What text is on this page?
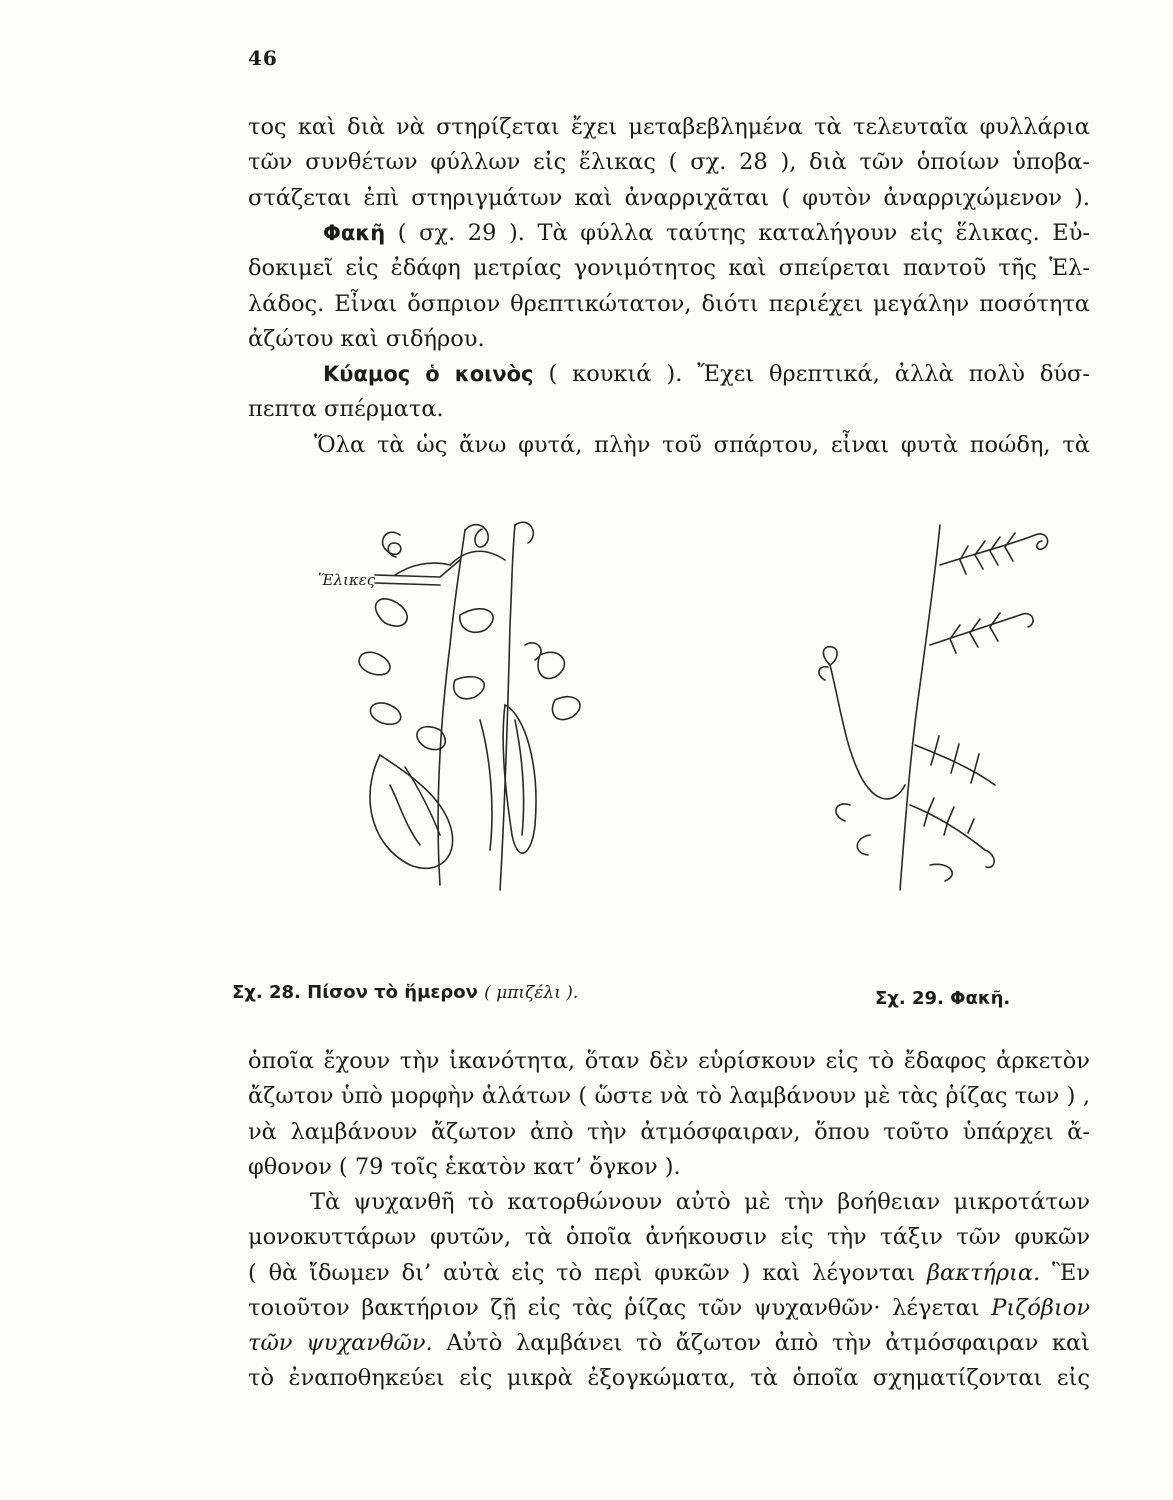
46
τος καὶ διὰ νὰ στηρίζεται ἔχει μεταβεβλημένα τὰ τελευταῖα φυλλάρια
τῶν συνθέτων φύλλων εἰς ἕλικας ( σχ. 28 ), διὰ τῶν ὁποίων ὑποβα-
στάζεται ἐπὶ στηριγμάτων καὶ ἀναρριχᾶται ( φυτὸν ἀναρριχώμενον ).
Φακῆ ( σχ. 29 ). Τὰ φύλλα ταύτης καταλήγουν εἰς ἕλικας. Εὐ-
δοκιμεῖ εἰς ἐδάφη μετρίας γονιμότητος καὶ σπείρεται παντοῦ τῆς Ἑλ-
λάδος. Εἶναι ὄσπριον θρεπτικώτατον, διότι περιέχει μεγάλην ποσότητα
ἀζώτου καὶ σιδήρου.
Κύαμος ὁ κοινὸς ( κουκιά ). Ἔχει θρεπτικά, ἀλλὰ πολὺ δύσ-
πεπτα σπέρματα.
Ὅλα τὰ ὡς ἄνω φυτά, πλὴν τοῦ σπάρτου, εἶναι φυτὰ ποώδη, τὰ
Ἕλικες
Σχ. 28. Πίσον τὸ ἥμερον ( μπιζέλι ).	Σχ. 29. Φακῆ.
ὁποῖα ἔχουν τὴν ἱκανότητα, ὅταν δὲν εὑρίσκουν εἰς τὸ ἔδαφος ἀρκετὸν
ἄζωτον ὑπὸ μορφὴν ἁλάτων ( ὥστε νὰ τὸ λαμβάνουν μὲ τὰς ῥίζας των ) ,
νὰ λαμβάνουν ἄζωτον ἀπὸ τὴν ἀτμόσφαιραν, ὅπου τοῦτο ὑπάρχει ἄ-
φθονον ( 79 τοῖς ἑκατὸν κατ’ ὄγκον ).
Τὰ ψυχανθῆ τὸ κατορθώνουν αὐτὸ μὲ τὴν βοήθειαν μικροτάτων
μονοκυττάρων φυτῶν, τὰ ὁποῖα ἀνήκουσιν εἰς τὴν τάξιν τῶν φυκῶν
( θὰ ἴδωμεν δι’ αὐτὰ εἰς τὸ περὶ φυκῶν ) καὶ λέγονται βακτήρια. Ἓν
τοιοῦτον βακτήριον ζῇ εἰς τὰς ῥίζας τῶν ψυχανθῶν· λέγεται Ριζόβιον
τῶν ψυχανθῶν. Αὐτὸ λαμβάνει τὸ ἄζωτον ἀπὸ τὴν ἀτμόσφαιραν καὶ
τὸ ἐναποθηκεύει εἰς μικρὰ ἐξογκώματα, τὰ ὁποῖα σχηματίζονται εἰς
